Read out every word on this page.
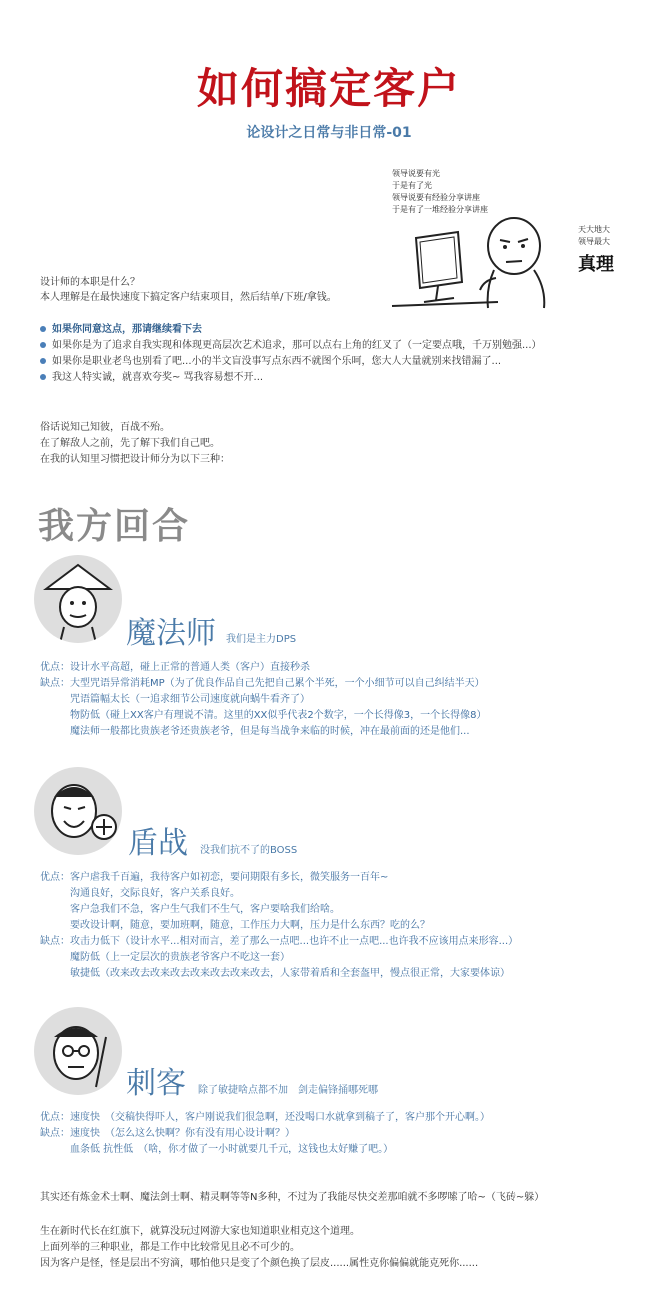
如何搞定客户
论设计之日常与非日常-01
领导说要有光
于是有了光
领导说要有经验分享讲座
于是有了一堆经验分享讲座
天大地大
领导最大
真理
设计师的本职是什么？
本人理解是在最快速度下搞定客户结束项目，然后结单/下班/拿钱。
如果你同意这点，那请继续看下去
如果你是为了追求自我实现和体现更高层次艺术追求，那可以点右上角的红叉了（一定要点哦，千万别勉强...）
如果你是职业老鸟也别看了吧...小的半文盲没事写点东西不就图个乐呵，您大人大量就别来找错漏了...
我这人特实诚，就喜欢夸奖~ 骂我容易想不开...
俗话说知己知彼，百战不殆。
在了解敌人之前，先了解下我们自己吧。
在我的认知里习惯把设计师分为以下三种：
我方回合
魔法师 我们是主力DPS
优点：设计水平高超，碰上正常的普通人类（客户）直接秒杀
缺点：大型咒语异常消耗MP（为了优良作品自己先把自己累个半死，一个小细节可以自己纠结半天）
　　　咒语篇幅太长（一追求细节公司速度就向蜗牛看齐了）
　　　物防低（碰上XX客户有理说不清。这里的XX似乎代表2个数字，一个长得像3，一个长得像8）
　　　魔法师一般都比贵族老爷还贵族老爷，但是每当战争来临的时候，冲在最前面的还是他们...
盾战 没我们抗不了的BOSS
优点：客户虐我千百遍，我待客户如初恋，要问期限有多长，微笑服务一百年~
　　　沟通良好，交际良好，客户关系良好。
　　　客户急我们不急，客户生气我们不生气，客户要啥我们给啥。
　　　要改设计啊，随意，要加班啊，随意，工作压力大啊，压力是什么东西？吃的么？
缺点：攻击力低下（设计水平...相对而言，差了那么一点吧...也许不止一点吧...也许我不应该用点来形容...）
　　　魔防低（上一定层次的贵族老爷客户不吃这一套）
　　　敏捷低（改来改去改来改去改来改去改来改去，人家带着盾和全套盔甲，慢点很正常，大家要体谅）
刺客 除了敏捷啥点都不加　剑走偏锋捅哪死哪
优点：速度快　（交稿快得吓人，客户刚说我们很急啊，还没喝口水就拿到稿子了，客户那个开心啊。）
缺点：速度快　（怎么这么快啊？你有没有用心设计啊？）
　　　血条低 抗性低　（啥，你才做了一小时就要几千元，这钱也太好赚了吧。）
其实还有炼金术士啊、魔法剑士啊、精灵啊等等N多种，不过为了我能尽快交差那咱就不多啰嗦了哈~（飞砖~躲）
生在新时代长在红旗下，就算没玩过网游大家也知道职业相克这个道理。
上面列举的三种职业，都是工作中比较常见且必不可少的。
因为客户是怪，怪是层出不穷滴，哪怕他只是变了个颜色换了层皮......属性克你偏偏就能克死你......
